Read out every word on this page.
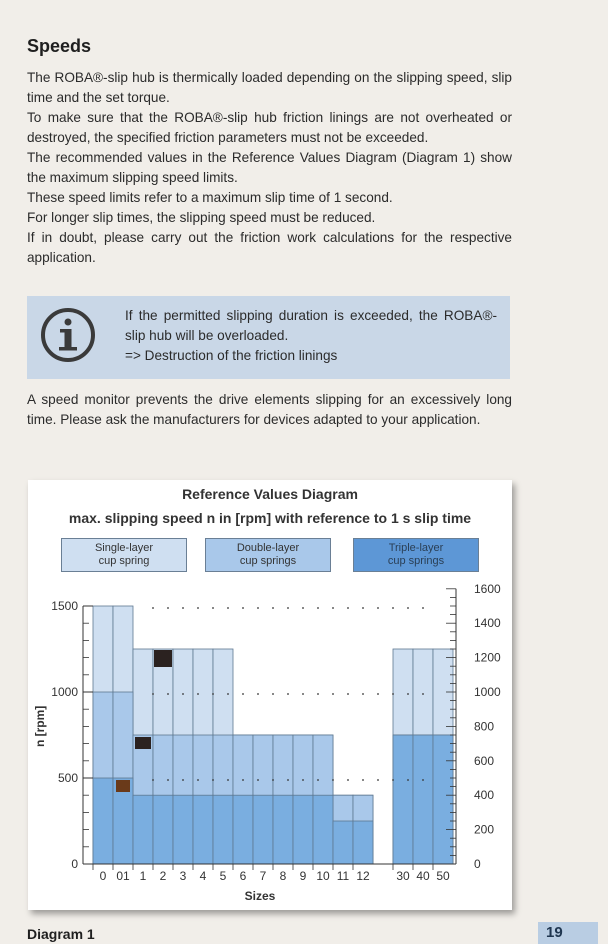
Speeds

The ROBA®-slip hub is thermically loaded depending on the slipping speed, slip time and the set torque.

To make sure that the ROBA®-slip hub friction linings are not overheated or destroyed, the specified friction parameters must not be exceeded.

The recommended values in the Reference Values Diagram (Diagram 1) show the maximum slipping speed limits.

These speed limits refer to a maximum slip time of 1 second.

For longer slip times, the slipping speed must be reduced.

If in doubt, please carry out the friction work calculations for the respective application.

If the permitted slipping duration is exceeded, the ROBA®-slip hub will be overloaded.

=> Destruction of the friction linings

A speed monitor prevents the drive elements slipping for an excessively long time. Please ask the manufacturers for devices adapted to your application.

Reference Values Diagram
max. slipping speed n in [rpm] with reference to 1 s slip time
Single-layer
cup spring
Double-layer
cup springs
Triple-layer
cup springs
0
500
1000
1500
n [rpm]
0
200
400
600
800
1000
1200
1400
1600
0 01 1 2 3 4 5 6 7 8 9 10 11 12 30 40 50
Sizes
Diagram 1	19
